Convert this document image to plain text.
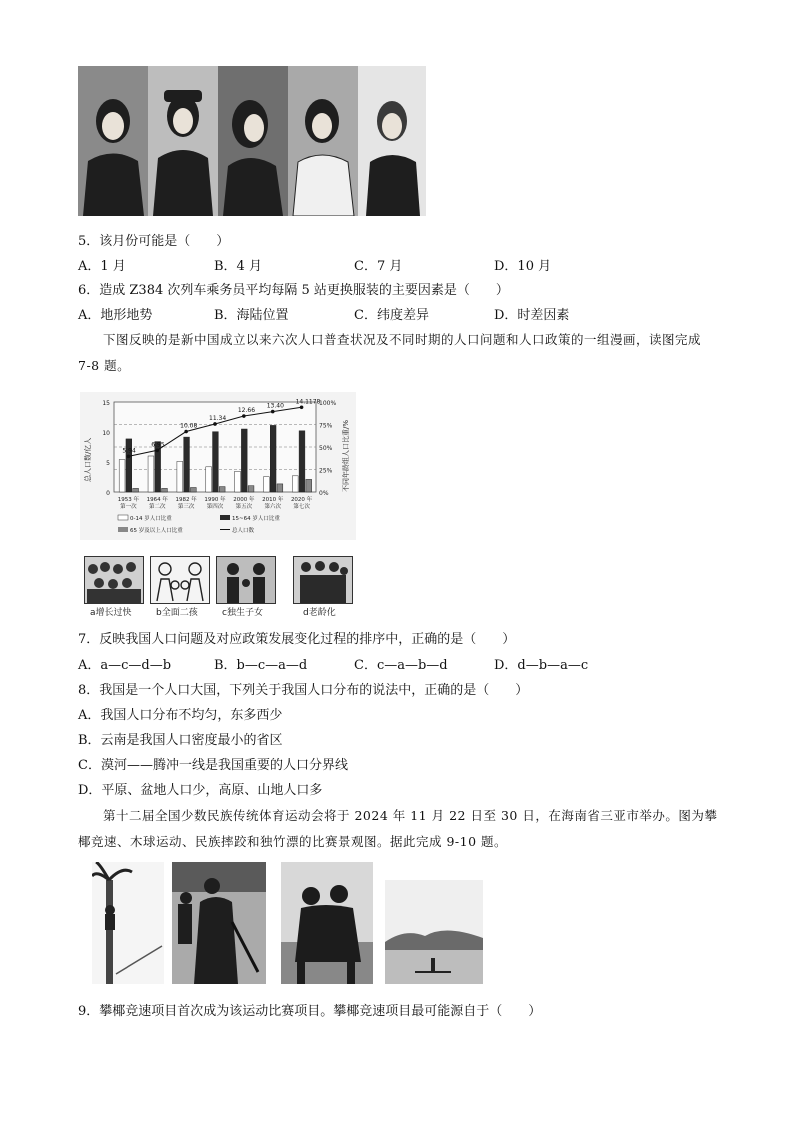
5．该月份可能是（　　）
A．1 月	B．4 月	C．7 月	D．10 月
6．造成 Z384 次列车乘务员平均每隔 5 站更换服装的主要因素是（　　）
A．地形地势	B．海陆位置	C．纬度差异	D．时差因素
下图反映的是新中国成立以来六次人口普查状况及不同时期的人口问题和人口政策的一组漫画，读图完成 7-8 题。
15
10
5
0
100%
75%
50%
25%
0%
总人口数/亿人	不同年龄组人口比重/%
5.94
6.95
10.08
11.34
12.66
13.40
14.1178
1953 年
第一次
1964 年
第二次
1982 年
第三次
1990 年
第四次
2000 年
第五次
2010 年
第六次
2020 年
第七次
0-14 岁人口比重	15~64 岁人口比重
65 岁及以上人口比重	总人口数
a增长过快	b全面二孩	c独生子女	d老龄化
7．反映我国人口问题及对应政策发展变化过程的排序中，正确的是（　　）
A．a—c—d—b	B．b—c—a—d	C．c—a—b—d	D．d—b—a—c
8．我国是一个人口大国，下列关于我国人口分布的说法中，正确的是（　　）
A．我国人口分布不均匀，东多西少
B．云南是我国人口密度最小的省区
C．漠河——腾冲一线是我国重要的人口分界线
D．平原、盆地人口少，高原、山地人口多
第十二届全国少数民族传统体育运动会将于 2024 年 11 月 22 日至 30 日，在海南省三亚市举办。图为攀椰竞速、木球运动、民族摔跤和独竹漂的比赛景观图。据此完成 9-10 题。
9．攀椰竞速项目首次成为该运动比赛项目。攀椰竞速项目最可能源自于（　　）
